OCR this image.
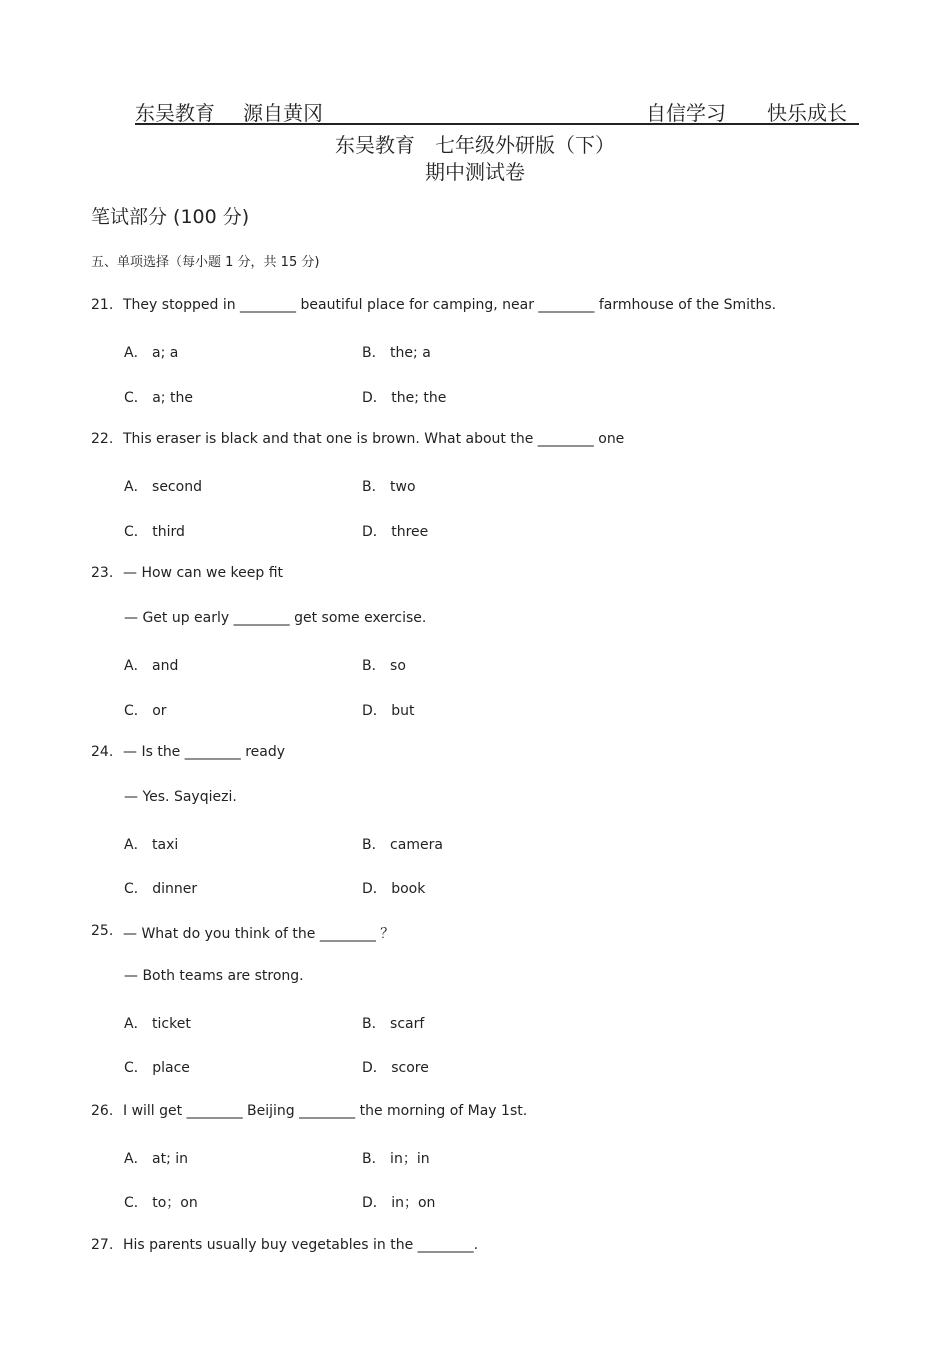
东吴教育 源自黄冈	自信学习 快乐成长
东吴教育　七年级外研版（下）
期中测试卷
笔试部分 (100 分)
五、单项选择（每小题 1 分，共 15 分)
21. They stopped in ________ beautiful place for camping, near ________ farmhouse of the Smiths.
A． a; a	B． the; a
C． a; the	D． the; the
22. This eraser is black and that one is brown. What about the ________ one
A． second	B． two
C． third	D． three
23. — How can we keep fit
— Get up early ________ get some exercise.
A． and	B． so
C． or	D． but
24. — Is the ________ ready
— Yes. Sayqiezi.
A． taxi	B． camera
C． dinner	D． book
25. — What do you think of the ________ ？
— Both teams are strong.
A． ticket	B． scarf
C． place	D． score
26. I will get ________ Beijing ________ the morning of May 1st.
A． at; in	B． in；in
C． to；on	D． in；on
27. His parents usually buy vegetables in the ________.
